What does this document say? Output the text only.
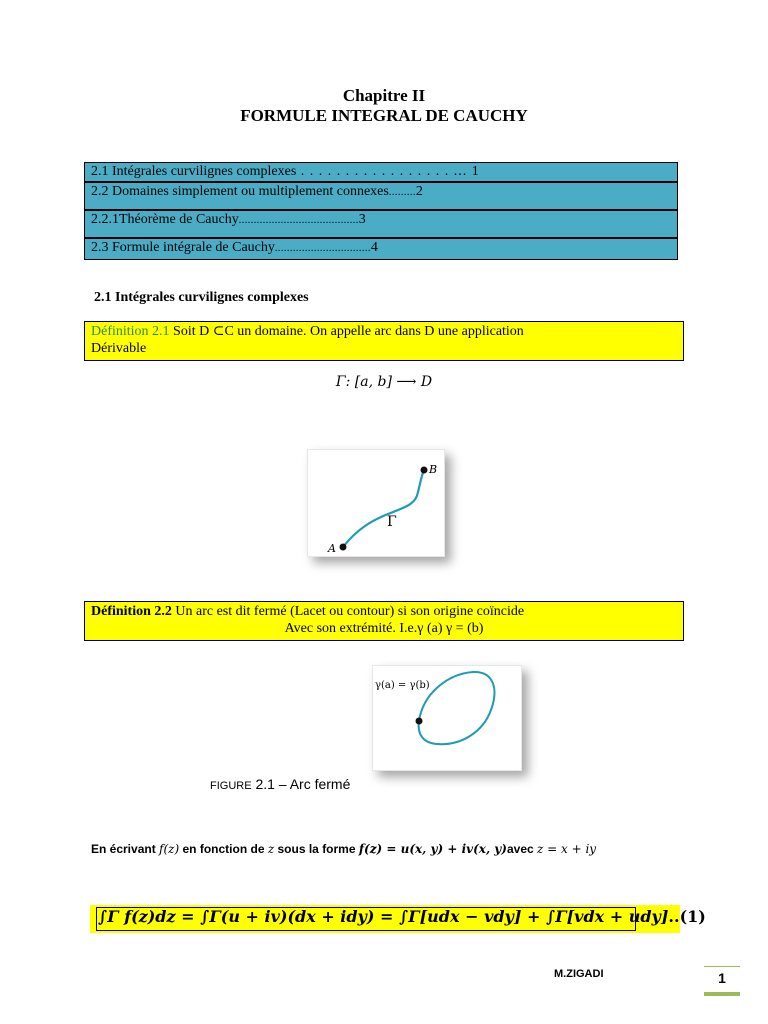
Chapitre II
FORMULE INTEGRAL DE CAUCHY
2.1 Intégrales curvilignes complexes . . . . . . . . . . . . . . . . . ... 1
2.2 Domaines simplement ou multiplement connexes.........2
2.2.1Théorème de Cauchy........................................3
2.3 Formule intégrale de Cauchy................................4
2.1 Intégrales curvilignes complexes
Définition 2.1 Soit D ⊂C un domaine. On appelle arc dans D une application
Dérivable
Γ: [a, b] ⟶ D
A
B
Γ
Définition 2.2 Un arc est dit fermé (Lacet ou contour) si son origine coïncide

Avec son extrémité. I.e.γ (a) γ = (b)
γ(a) = γ(b)
FIGURE 2.1 – Arc fermé
En écrivant f(z) en fonction de z sous la forme f(z) = u(x, y) + iv(x, y)avec z = x + iy
∫Γ f(z)dz = ∫Γ(u + iv)(dx + idy) = ∫Γ[udx − vdy] + ∫Γ[vdx + udy]..(1)
M.ZIGADI	1
